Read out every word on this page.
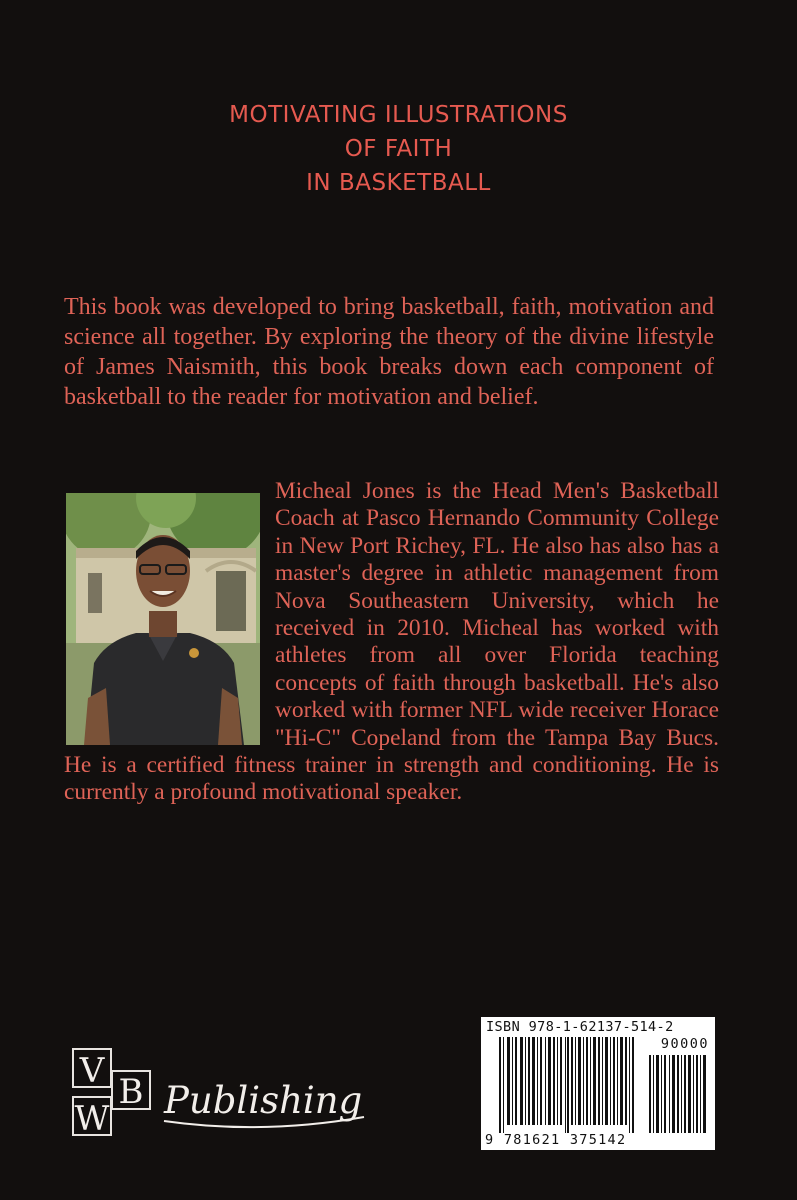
MOTIVATING ILLUSTRATIONS
OF FAITH
IN BASKETBALL
This book was developed to bring basketball, faith, motivation and science all together. By exploring the theory of the divine lifestyle of James Naismith, this book breaks down each component of basketball to the reader for motivation and belief.
Micheal Jones is the Head Men's Basketball Coach at Pasco Hernando Community College in New Port Richey, FL. He also has also has a master's degree in athletic management from Nova Southeastern University, which he received in 2010. Micheal has worked with athletes from all over Florida teaching concepts of faith through basketball. He's also worked with former NFL wide receiver Horace "Hi-C" Copeland from the Tampa Bay Bucs. He is a certified fitness trainer in strength and conditioning. He is currently a profound motivational speaker.
V
B
W Publishing
ISBN 978-1-62137-514-2
90000
9 781621 375142
